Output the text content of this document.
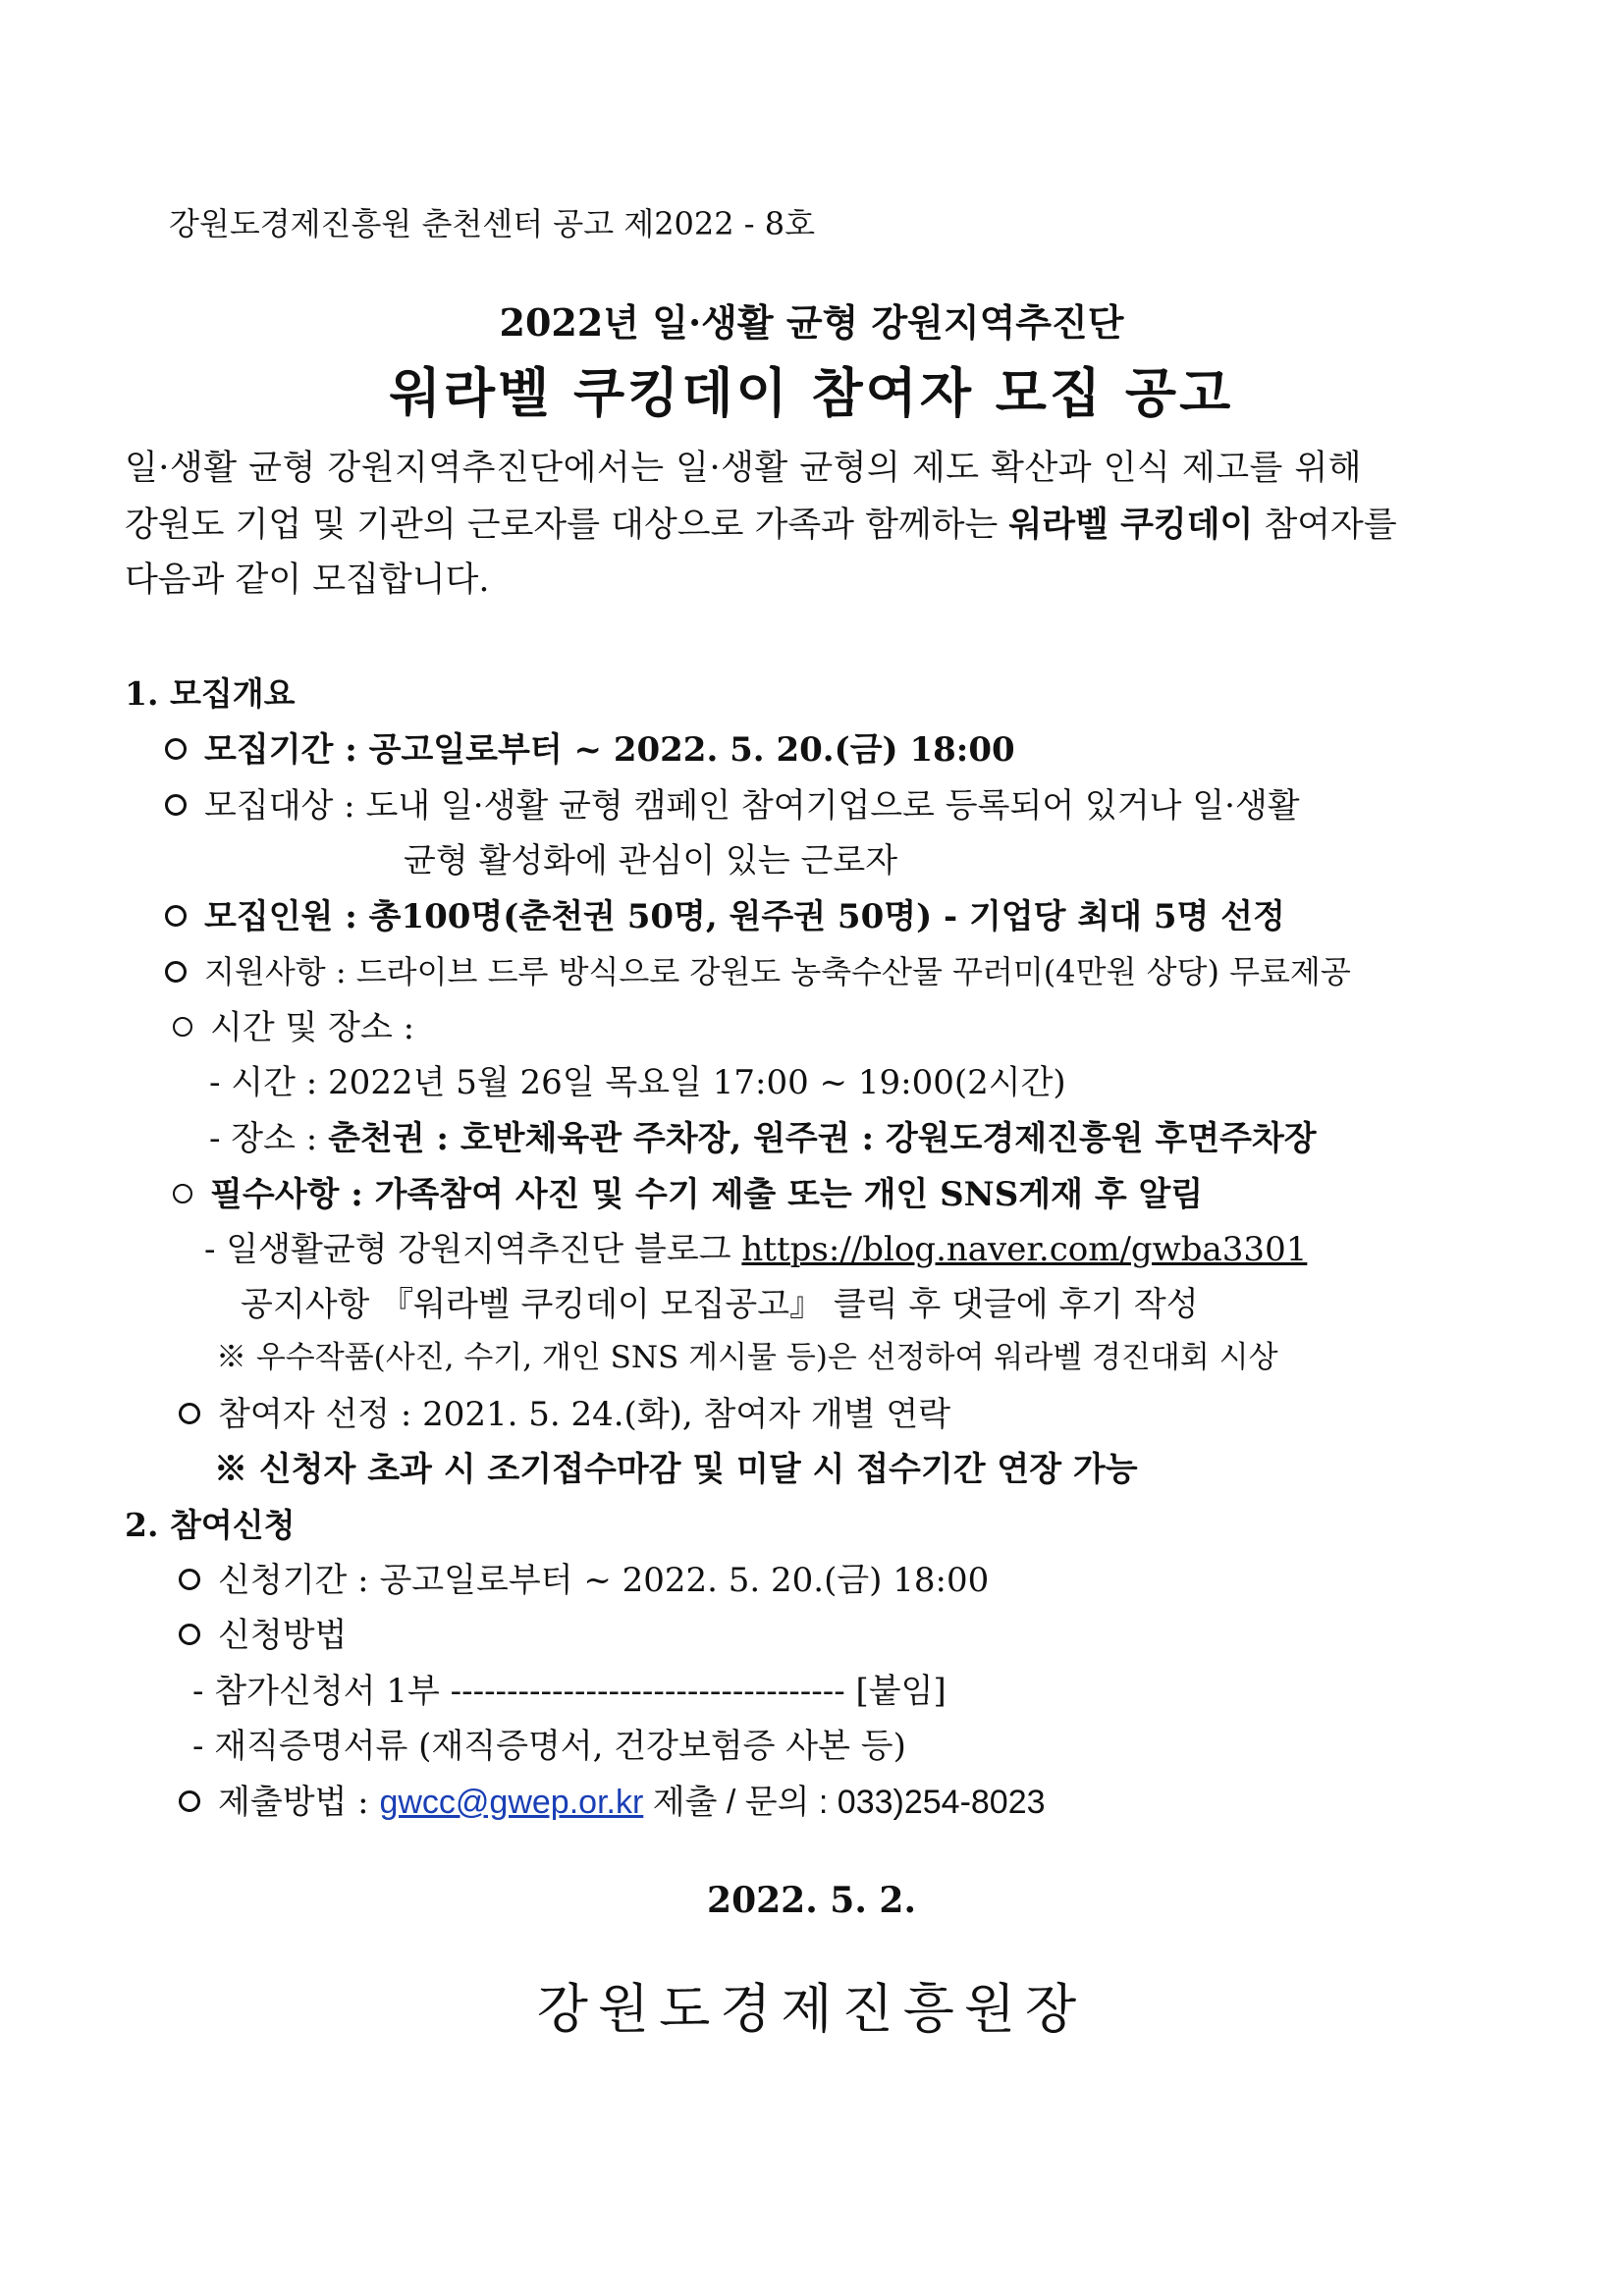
강원도경제진흥원 춘천센터 공고 제2022 - 8호
2022년 일·생활 균형 강원지역추진단
워라벨 쿠킹데이 참여자 모집 공고
일·생활 균형 강원지역추진단에서는 일·생활 균형의 제도 확산과 인식 제고를 위해
강원도 기업 및 기관의 근로자를 대상으로 가족과 함께하는 워라벨 쿠킹데이 참여자를
다음과 같이 모집합니다.
1. 모집개요
모집기간 : 공고일로부터 ~ 2022. 5. 20.(금) 18:00
모집대상 : 도내 일·생활 균형 캠페인 참여기업으로 등록되어 있거나 일·생활
균형 활성화에 관심이 있는 근로자
모집인원 : 총100명(춘천권 50명, 원주권 50명) - 기업당 최대 5명 선정
지원사항 : 드라이브 드루 방식으로 강원도 농축수산물 꾸러미(4만원 상당) 무료제공
시간 및 장소 :
- 시간 : 2022년 5월 26일 목요일 17:00 ~ 19:00(2시간)
- 장소 : 춘천권 : 호반체육관 주차장, 원주권 : 강원도경제진흥원 후면주차장
필수사항 : 가족참여 사진 및 수기 제출 또는 개인 SNS게재 후 알림
- 일생활균형 강원지역추진단 블로그 https://blog.naver.com/gwba3301
공지사항 『워라벨 쿠킹데이 모집공고』 클릭 후 댓글에 후기 작성
※ 우수작품(사진, 수기, 개인 SNS 게시물 등)은 선정하여 워라벨 경진대회 시상
참여자 선정 : 2021. 5. 24.(화), 참여자 개별 연락
※ 신청자 초과 시 조기접수마감 및 미달 시 접수기간 연장 가능
2. 참여신청
신청기간 : 공고일로부터 ~ 2022. 5. 20.(금) 18:00
신청방법
- 참가신청서 1부 ----------------------------------- [붙임]
- 재직증명서류 (재직증명서, 건강보험증 사본 등)
제출방법 : gwcc@gwep.or.kr 제출 / 문의 : 033)254-8023
2022. 5. 2.
강원도경제진흥원장
